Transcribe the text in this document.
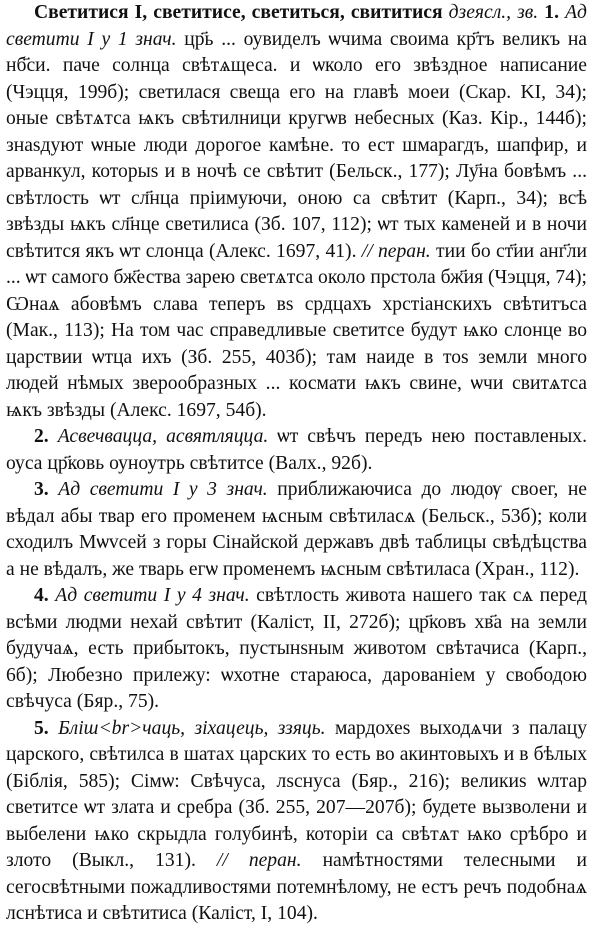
Светитися I, светитисе, светиться, свититися дзеясл., зв. 1. Ад светити I у 1 знач. цр҃ь ... оувиделъ ѡчима своима кр҃тъ великъ на нб҃си. паче солнца свѣтѧщеса. и ѡколо его звѣздное написание (Чэцця, 199б); светилася свеща его на главѣ моеи (Скар. KI, 34); оные свѣтѧтса ѩкъ свѣтилници кругѡв небесных (Каз. Кір., 144б); знаѕдуют ѡные люди дорогое камѣне. то ест шмарагдъ, шапфир, и арванкул, которыѕ и в ночѣ се свѣтит (Бельск., 177); Лу҃на бовѣмъ ... свѣтлость ѡт сл҃нца прiимуючи, оною са свѣтит (Карп., 34); всѣ звѣзды ѩкъ сл҃нце светилиса (Зб. 107, 112); ѡт тых каменей и в ночи свѣтится якъ ѡт слонца (Алекс. 1697, 41). // перан. тии бо ст҃ии анг҃ли ... ѡт самого бж҃ества зарею светѧтса около прстола бж҃ия (Чэцця, 74); Ѡнаѧ абовѣмъ слава теперъ вѕ срдцахъ хрстiанскихъ свѣтитъса (Мак., 113); На том час справедливые светитсе будут ѩко слонце во царствии ѡтца ихъ (Зб. 255, 403б); там наиде в тоѕ земли много людей нѣмых зверообразных ... космати ѩкъ свине, ѡчи свитѧтса ѩкъ звѣзды (Алекс. 1697, 54б).

2. Асвечвацца, асвятляцца. ѡт свѣчъ передъ нею поставленых. оуса цр҃ковь оуноутрь свѣтитсе (Валх., 92б).

3. Ад светити I у 3 знач. приближаючиса до людѹ своег, не вѣдал абы твар его променем ѩсным свѣтиласѧ (Бельск., 53б); коли сходилъ Мѡvсей з горы Сiнайской державъ двѣ таблицы свѣдѣцства а не вѣдалъ, же тварь егѡ променемъ ѩсным свѣтиласа (Хран., 112).

4. Ад светити I у 4 знач. свѣтлость живота нашего так сѧ перед всѣми людми нехай свѣтит (Каліст, II, 272б); цр҃ковъ хв҃а на земли будучаѧ, есть прибытокъ, пустынѕным животом свѣтачиса (Карп., 6б); Любезно прилежу: ѡхотне стараюса, дарованiем у свободою свѣчуса (Бяр., 75).

5. Бліш<br>чаць, зіхацець, ззяць. мардохеѕ выходѧчи з палацу царского, свѣтилса в шатах царских то есть во акинтовыхъ и в бѣлых (Біблія, 585); Сiмѡ: Свѣчуса, лѕснуса (Бяр., 216); великиѕ ѡлтар светитсе ѡт злата и сребра (Зб. 255, 207—207б); будете вызволени и выбелени ѩко скрыдла голубинѣ, которiи са свѣтѧт ѩко срѣбро и злото (Выкл., 131). // перан. намѣтностями телесными и сегосвѣтными пожадливостями потемнѣлому, не естъ речъ подобнаѧ лснѣтиса и свѣтитиса (Каліст, I, 104).
